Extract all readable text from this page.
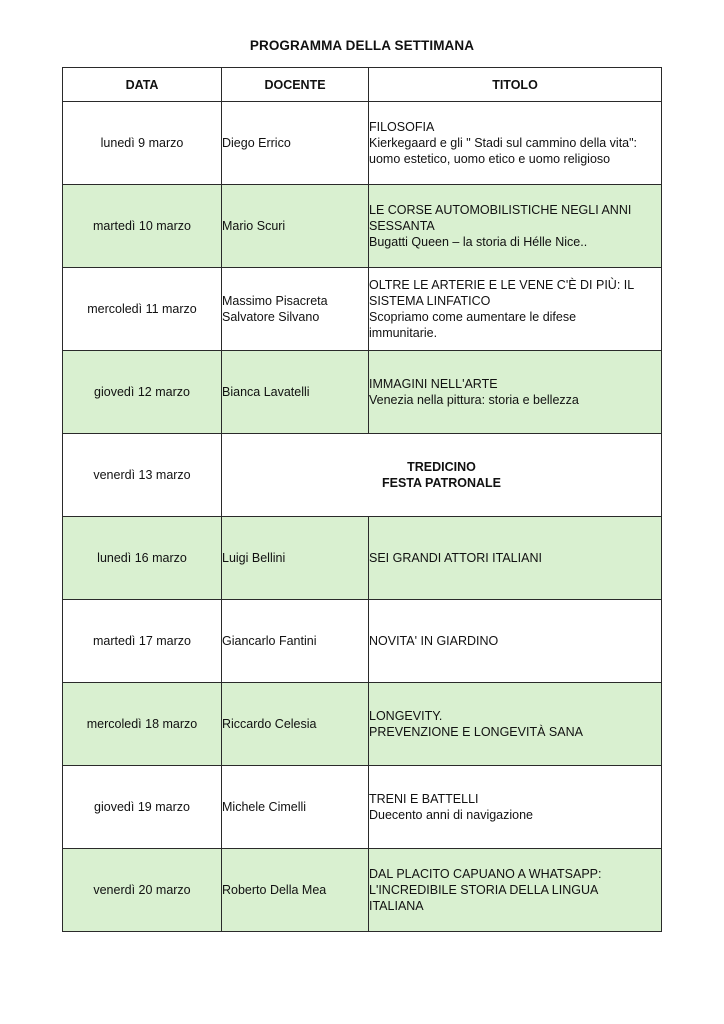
PROGRAMMA DELLA SETTIMANA
DATA	DOCENTE	TITOLO
lunedì 9 marzo	Diego Errico	FILOSOFIA
Kierkegaard e gli " Stadi sul cammino della vita":
uomo estetico, uomo etico e uomo religioso

martedì 10 marzo	Mario Scuri	LE CORSE AUTOMOBILISTICHE NEGLI ANNI
SESSANTA
Bugatti Queen – la storia di Hélle Nice..

mercoledì 11 marzo	Massimo Pisacreta
Salvatore Silvano	OLTRE LE ARTERIE E LE VENE C'È DI PIÙ: IL
SISTEMA LINFATICO
Scopriamo come aumentare le difese
immunitarie.

giovedì 12 marzo	Bianca Lavatelli	IMMAGINI NELL'ARTE
Venezia nella pittura: storia e bellezza

venerdì 13 marzo	TREDICINO
FESTA PATRONALE	

lunedì 16 marzo	Luigi Bellini	SEI GRANDI ATTORI ITALIANI

martedì 17 marzo	Giancarlo Fantini	NOVITA' IN GIARDINO

mercoledì 18 marzo	Riccardo Celesia	LONGEVITY.
PREVENZIONE E LONGEVITÀ SANA

giovedì 19 marzo	Michele Cimelli	TRENI E BATTELLI
Duecento anni di navigazione

venerdì 20 marzo	Roberto Della Mea	DAL PLACITO CAPUANO A WHATSAPP:
L'INCREDIBILE STORIA DELLA LINGUA
ITALIANA
